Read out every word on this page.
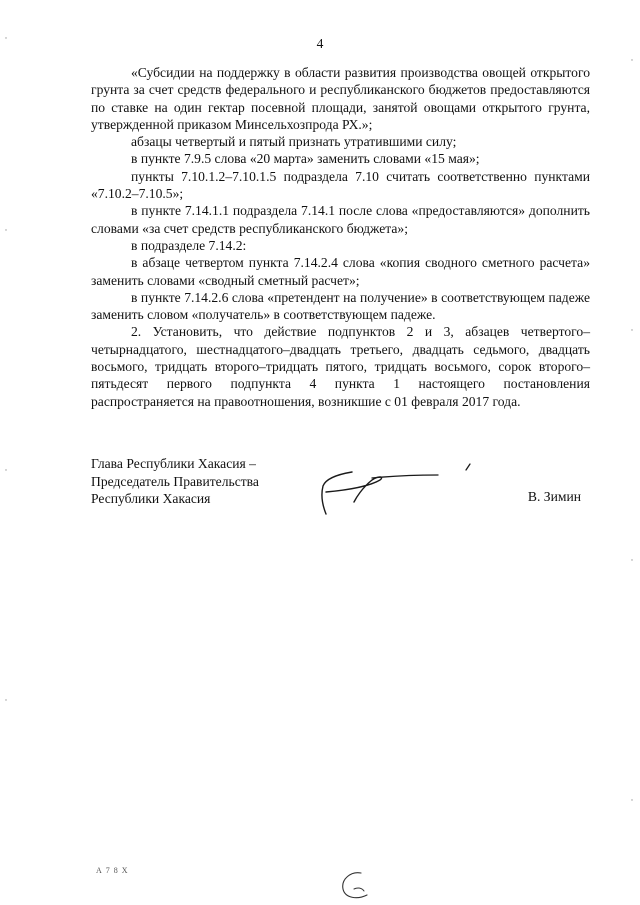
4

«Субсидии на поддержку в области развития производства овощей открытого грунта за счет средств федерального и республиканского бюджетов предоставляются по ставке на один гектар посевной площади, занятой овощами открытого грунта, утвержденной приказом Минсельхозпрода РХ.»;

абзацы четвертый и пятый признать утратившими силу;

в пункте 7.9.5 слова «20 марта» заменить словами «15 мая»;

пункты 7.10.1.2–7.10.1.5 подраздела 7.10 считать соответственно пунктами «7.10.2–7.10.5»;

в пункте 7.14.1.1 подраздела 7.14.1 после слова «предоставляются» дополнить словами «за счет средств республиканского бюджета»;

в подразделе 7.14.2:

в абзаце четвертом пункта 7.14.2.4 слова «копия сводного сметного расчета» заменить словами «сводный сметный расчет»;

в пункте 7.14.2.6 слова «претендент на получение» в соответствующем падеже заменить словом «получатель» в соответствующем падеже.

2. Установить, что действие подпунктов 2 и 3, абзацев четвертого–четырнадцатого, шестнадцатого–двадцать третьего, двадцать седьмого, двадцать восьмого, тридцать второго–тридцать пятого, тридцать восьмого, сорок второго–пятьдесят первого подпункта 4 пункта 1 настоящего постановления распространяется на правоотношения, возникшие с 01 февраля 2017 года.

Глава Республики Хакасия –
Председатель Правительства
Республики Хакасия	В. Зимин
А 7 8 Х
